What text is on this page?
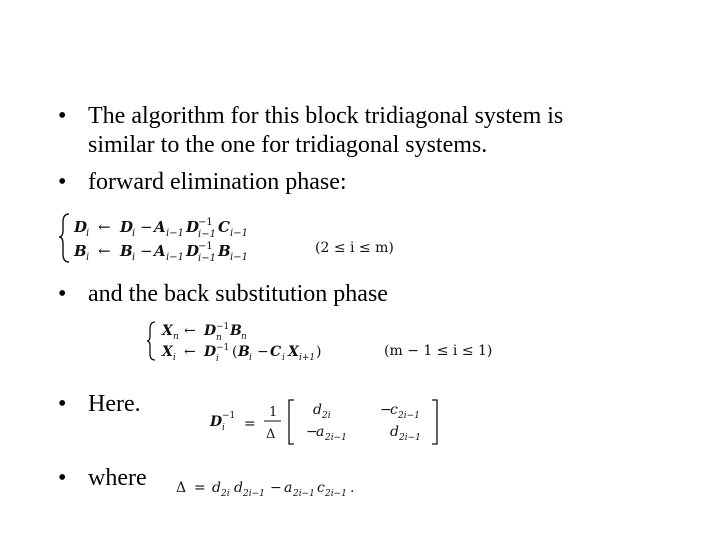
• The algorithm for this block tridiagonal system is
similar to the one for tridiagonal systems.
• forward elimination phase:
D
i ← D
i − A i−1 D
−1
i−1 C i−1
B i ← B i − A i−1 D
−1
i−1 B i−1
(2 ≤ i ≤ m)
• and the back substitution phase
X n ← D −1
n B n
X i ← D −1
i ( B i − C i X i+1 )	(m − 1 ≤ i ≤ 1)
• Here.
D −1
i =
1
Δ
d 2i
−
a 2i−1
−
c 2i−1
d 2i−1
• where Δ = d 2i d 2i−1 − a 2i−1 c 2i−1 .
